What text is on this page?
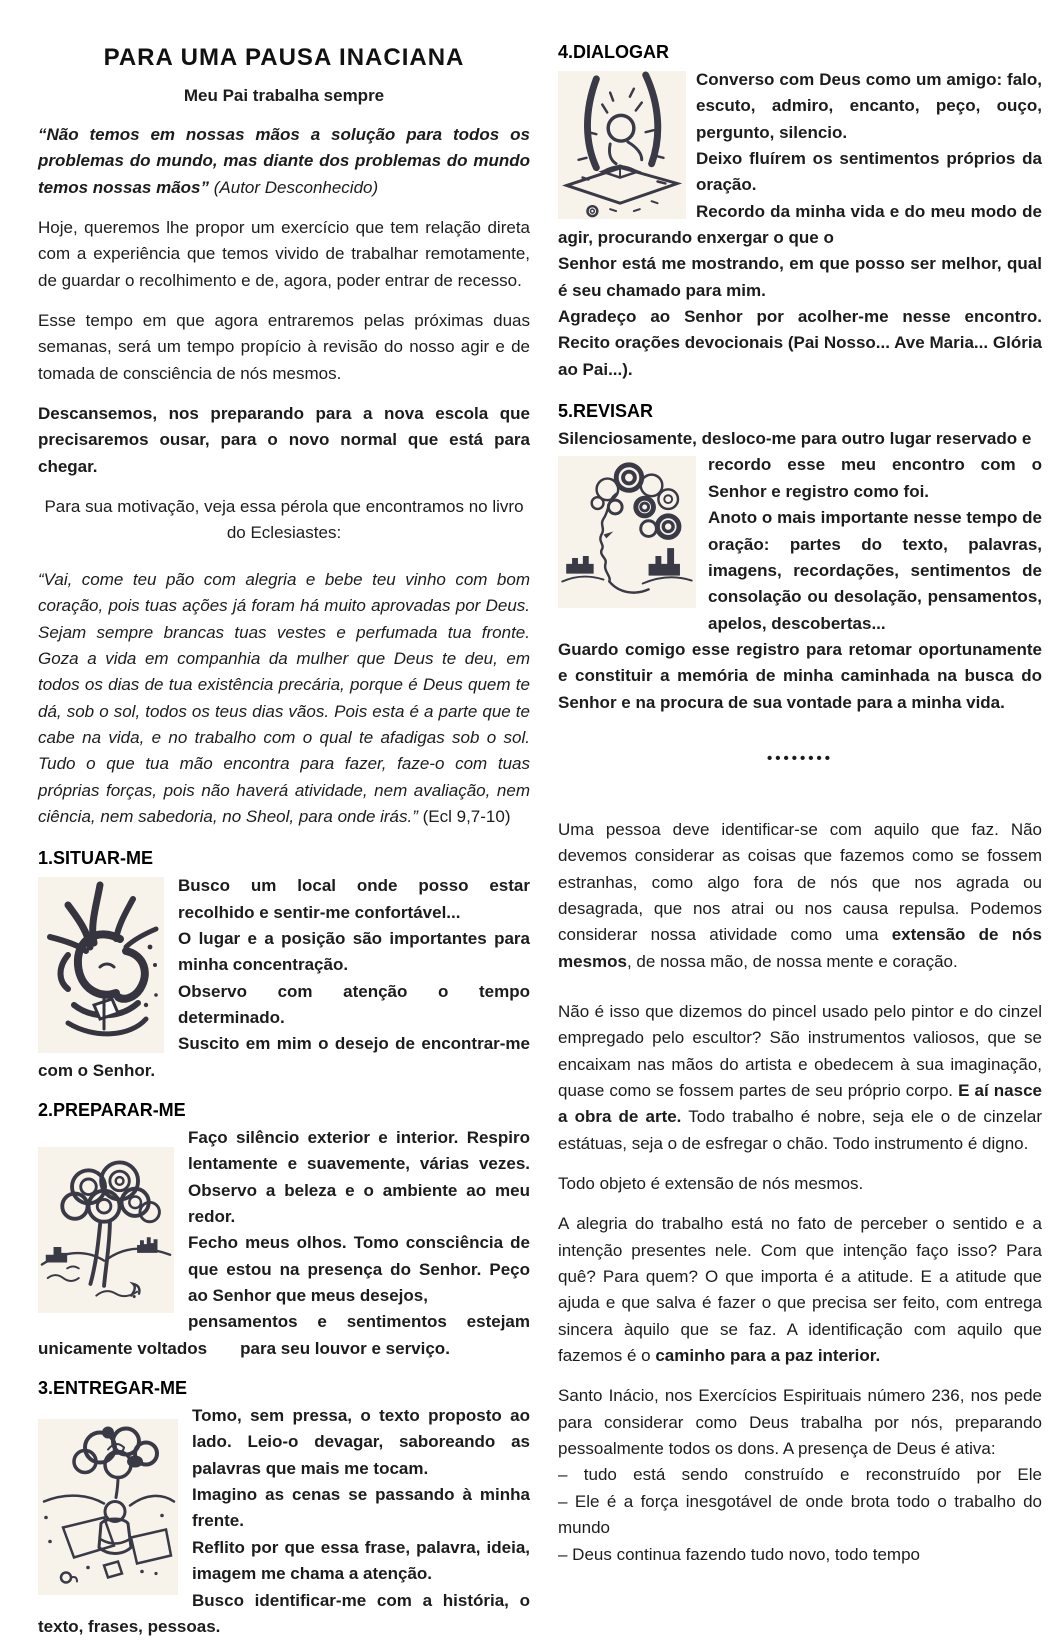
PARA UMA PAUSA INACIANA
Meu Pai trabalha sempre

“Não temos em nossas mãos a solução para todos os problemas do mundo, mas diante dos problemas do mundo temos nossas mãos” (Autor Desconhecido)

Hoje, queremos lhe propor um exercício que tem relação direta com a experiência que temos vivido de trabalhar remotamente, de guardar o recolhimento e de, agora, poder entrar de recesso.

Esse tempo em que agora entraremos pelas próximas duas semanas, será um tempo propício à revisão do nosso agir e de tomada de consciência de nós mesmos.

Descansemos, nos preparando para a nova escola que precisaremos ousar, para o novo normal que está para chegar.

Para sua motivação, veja essa pérola que encontramos no livro do Eclesiastes:

“Vai, come teu pão com alegria e bebe teu vinho com bom coração, pois tuas ações já foram há muito aprovadas por Deus. Sejam sempre brancas tuas vestes e perfumada tua fronte. Goza a vida em companhia da mulher que Deus te deu, em todos os dias de tua existência precária, porque é Deus quem te dá, sob o sol, todos os teus dias vãos. Pois esta é a parte que te cabe na vida, e no trabalho com o qual te afadigas sob o sol. Tudo o que tua mão encontra para fazer, faze-o com tuas próprias forças, pois não haverá atividade, nem avaliação, nem ciência, nem sabedoria, no Sheol, para onde irás.” (Ecl 9,7-10)

1.SITUAR-ME
Busco um local onde posso estar recolhido e sentir-me confortável...
O lugar e a posição são importantes para minha concentração.
Observo com atenção o tempo determinado.
Suscito em mim o desejo de encontrar-me com o Senhor.
2.PREPARAR-ME
Faço silêncio exterior e interior. Respiro lentamente e suavemente, várias vezes. Observo a beleza e o ambiente ao meu redor.
Fecho meus olhos. Tomo consciência de que estou na presença do Senhor. Peço ao Senhor que meus desejos,
pensamentos e sentimentos estejam unicamente voltados       para seu louvor e serviço.
3.ENTREGAR-ME
Tomo, sem pressa, o texto proposto ao lado. Leio-o devagar, saboreando as palavras que mais me tocam.
Imagino as cenas se passando à minha frente.
Reflito por que essa frase, palavra, ideia, imagem me chama a atenção.
Busco identificar-me com a história, o texto, frases, pessoas.
4.DIALOGAR
Converso com Deus como um amigo: falo, escuto, admiro, encanto, peço, ouço, pergunto, silencio.
Deixo fluírem os sentimentos próprios da oração.
Recordo da minha vida e do meu modo de agir, procurando enxergar o que o
Senhor está me mostrando, em que posso ser melhor, qual é seu chamado para mim.
Agradeço ao Senhor por acolher-me nesse encontro. Recito orações devocionais (Pai Nosso... Ave Maria... Glória ao Pai...).
5.REVISAR
Silenciosamente, desloco-me para outro lugar reservado e
recordo esse meu encontro com o Senhor e registro como foi.
Anoto o mais importante nesse tempo de oração: partes do texto, palavras, imagens, recordações, sentimentos de consolação ou desolação, pensamentos, apelos, descobertas...
Guardo comigo esse registro para retomar oportunamente e constituir a memória de minha caminhada na busca do Senhor e na procura de sua vontade para a minha vida.
••••••••

Uma pessoa deve identificar-se com aquilo que faz. Não devemos considerar as coisas que fazemos como se fossem estranhas, como algo fora de nós que nos agrada ou desagrada, que nos atrai ou nos causa repulsa. Podemos considerar nossa atividade como uma extensão de nós mesmos, de nossa mão, de nossa mente e coração.

Não é isso que dizemos do pincel usado pelo pintor e do cinzel empregado pelo escultor? São instrumentos valiosos, que se encaixam nas mãos do artista e obedecem à sua imaginação, quase como se fossem partes de seu próprio corpo. E aí nasce a obra de arte. Todo trabalho é nobre, seja ele o de cinzelar estátuas, seja o de esfregar o chão. Todo instrumento é digno.

Todo objeto é extensão de nós mesmos.

A alegria do trabalho está no fato de perceber o sentido e a intenção presentes nele. Com que intenção faço isso? Para quê? Para quem? O que importa é a atitude. E a atitude que ajuda e que salva é fazer o que precisa ser feito, com entrega sincera àquilo que se faz. A identificação com aquilo que fazemos é o caminho para a paz interior.

Santo Inácio, nos Exercícios Espirituais número 236, nos pede para considerar como Deus trabalha por nós, preparando pessoalmente todos os dons. A presença de Deus é ativa:

– tudo está sendo construído e reconstruído por Ele
– Ele é a força inesgotável de onde brota todo o trabalho do mundo
– Deus continua fazendo tudo novo, todo tempo
